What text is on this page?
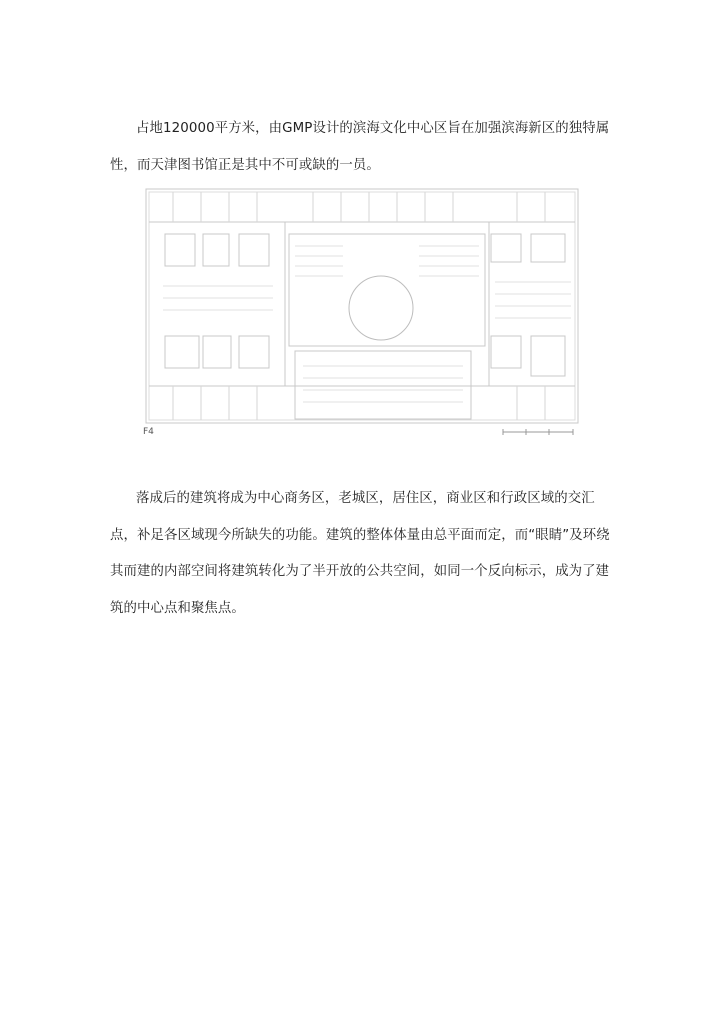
占地120000平方米，由GMP设计的滨海文化中心区旨在加强滨海新区的独特属性，而天津图书馆正是其中不可或缺的一员。

F4

落成后的建筑将成为中心商务区，老城区，居住区，商业区和行政区域的交汇点，补足各区域现今所缺失的功能。建筑的整体体量由总平面而定，而“眼睛”及环绕其而建的内部空间将建筑转化为了半开放的公共空间，如同一个反向标示，成为了建筑的中心点和聚焦点。
